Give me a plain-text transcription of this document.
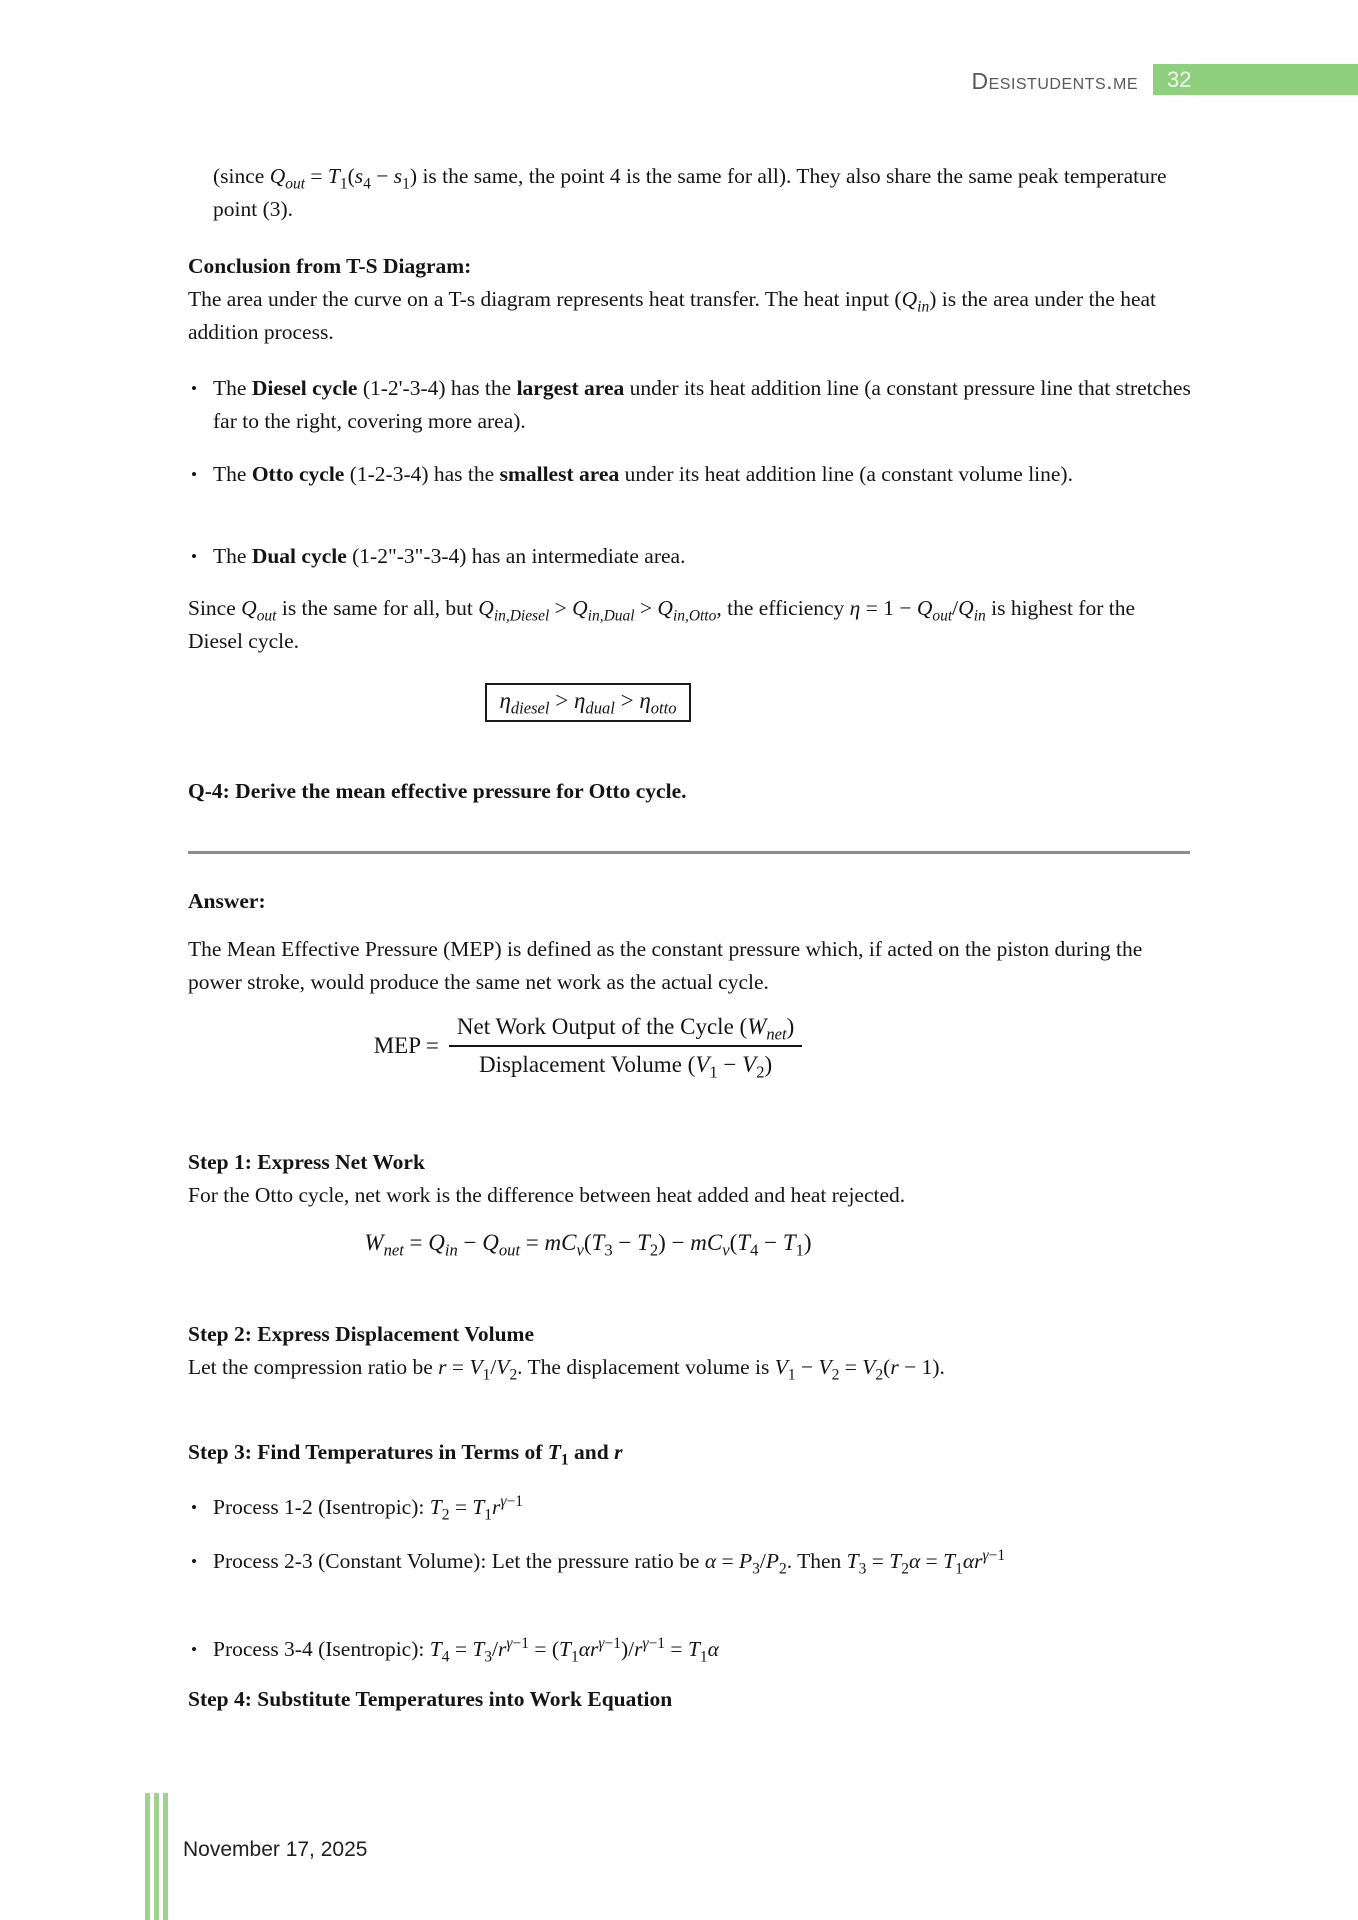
Desistudents.me	32
(since $Q_{out} = T_1(s_4 - s_1)$ is the same, the point 4 is the same for all). They also share the same peak temperature point (3).
Conclusion from T-S Diagram:
The area under the curve on a T-s diagram represents heat transfer. The heat input $(Q_{in})$ is the area under the heat addition process.
• The Diesel cycle (1-2'-3-4) has the largest area under its heat addition line (a constant pressure line that stretches far to the right, covering more area).
• The Otto cycle (1-2-3-4) has the smallest area under its heat addition line (a constant volume line).
• The Dual cycle (1-2"-3"-3-4) has an intermediate area.
Since $Q_{out}$ is the same for all, but $Q_{in,Diesel} > Q_{in,Dual} > Q_{in,Otto}$, the efficiency $\eta = 1 - Q_{out}/Q_{in}$ is highest for the Diesel cycle.
$\eta_{diesel} > \eta_{dual} > \eta_{otto}$
Q-4: Derive the mean effective pressure for Otto cycle.
Answer:
The Mean Effective Pressure (MEP) is defined as the constant pressure which, if acted on the piston during the power stroke, would produce the same net work as the actual cycle.
MEP = $\frac{Net Work Output of the Cycle (W_{net})}{Displacement Volume (V_1 - V_2)}$
Step 1: Express Net Work
For the Otto cycle, net work is the difference between heat added and heat rejected.
$W_{net} = Q_{in} - Q_{out} = mC_v(T_3 - T_2) - mC_v(T_4 - T_1)$
Step 2: Express Displacement Volume
Let the compression ratio be $r = V_1/V_2$. The displacement volume is $V_1 - V_2 = V_2(r - 1)$.
Step 3: Find Temperatures in Terms of $T_1$ and r
• Process 1-2 (Isentropic): $T_2 = T_1r^{\gamma-1}$
• Process 2-3 (Constant Volume): Let the pressure ratio be $\alpha = P_3/P_2$. Then $T_3 = T_2\alpha = T_1\alpha r^{\gamma-1}$
• Process 3-4 (Isentropic): $T_4 = T_3/r^{\gamma-1} = (T_1\alpha r^{\gamma-1})/r^{\gamma-1} = T_1\alpha$
Step 4: Substitute Temperatures into Work Equation
November 17, 2025
